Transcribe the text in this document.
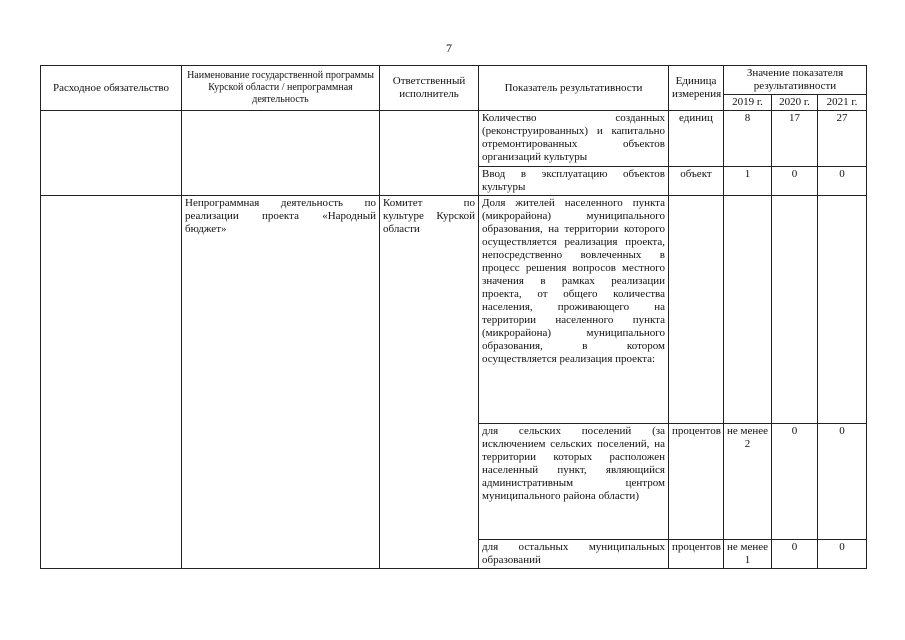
7
Расходное обязательство	Наименование государственной программы Курской области / непрограммная деятельность	Ответственный исполнитель	Показатель результативности	Единица измерения	Значение показателя результативности		
					2019 г.	2020 г.	2021 г.
			Количество созданных (реконструированных) и капитально отремонтированных объектов организаций культуры	единиц	8	17	27
			Ввод в эксплуатацию объектов культуры	объект	1	0	0
	Непрограммная деятельность по реализации проекта «Народный бюджет»	Комитет по культуре Курской области	Доля жителей населенного пункта (микрорайона) муниципального образования, на территории которого осуществляется реализация проекта, непосредственно вовлеченных в процесс решения вопросов местного значения в рамках реализации проекта, от общего количества населения, проживающего на территории населенного пункта (микрорайона) муниципального образования, в котором осуществляется реализация проекта:				
			для сельских поселений (за исключением сельских поселений, на территории которых расположен населенный пункт, являющийся административным центром муниципального района области)	процентов	не менее 2	0	0
			для остальных муниципальных образований	процентов	не менее 1	0	0
